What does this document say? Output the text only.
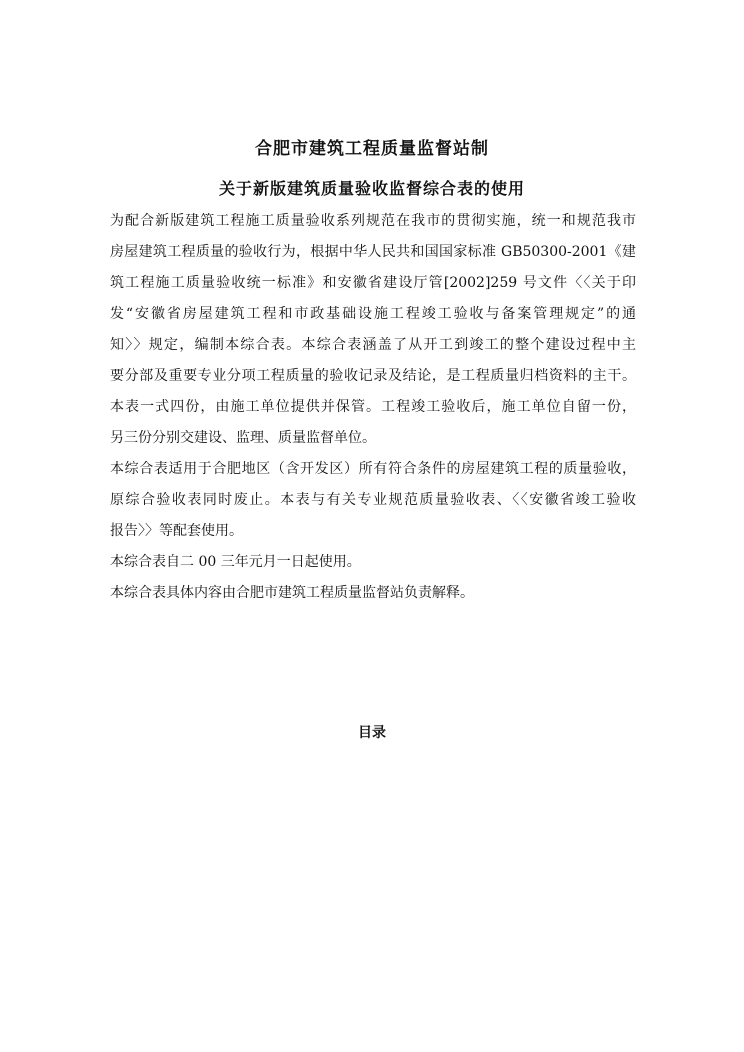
合肥市建筑工程质量监督站制
关于新版建筑质量验收监督综合表的使用
为配合新版建筑工程施工质量验收系列规范在我市的贯彻实施，统一和规范我市
房屋建筑工程质量的验收行为，根据中华人民共和国国家标准 GB50300-2001《建
筑工程施工质量验收统一标准》和安徽省建设厅管[2002]259 号文件〈〈关于印
发“安徽省房屋建筑工程和市政基础设施工程竣工验收与备案管理规定”的通
知〉〉规定，编制本综合表。本综合表涵盖了从开工到竣工的整个建设过程中主
要分部及重要专业分项工程质量的验收记录及结论，是工程质量归档资料的主干。
本表一式四份，由施工单位提供并保管。工程竣工验收后，施工单位自留一份，
另三份分别交建设、监理、质量监督单位。
本综合表适用于合肥地区（含开发区）所有符合条件的房屋建筑工程的质量验收，
原综合验收表同时废止。本表与有关专业规范质量验收表、〈〈安徽省竣工验收
报告〉〉等配套使用。
本综合表自二 00 三年元月一日起使用。
本综合表具体内容由合肥市建筑工程质量监督站负责解释。
目录
